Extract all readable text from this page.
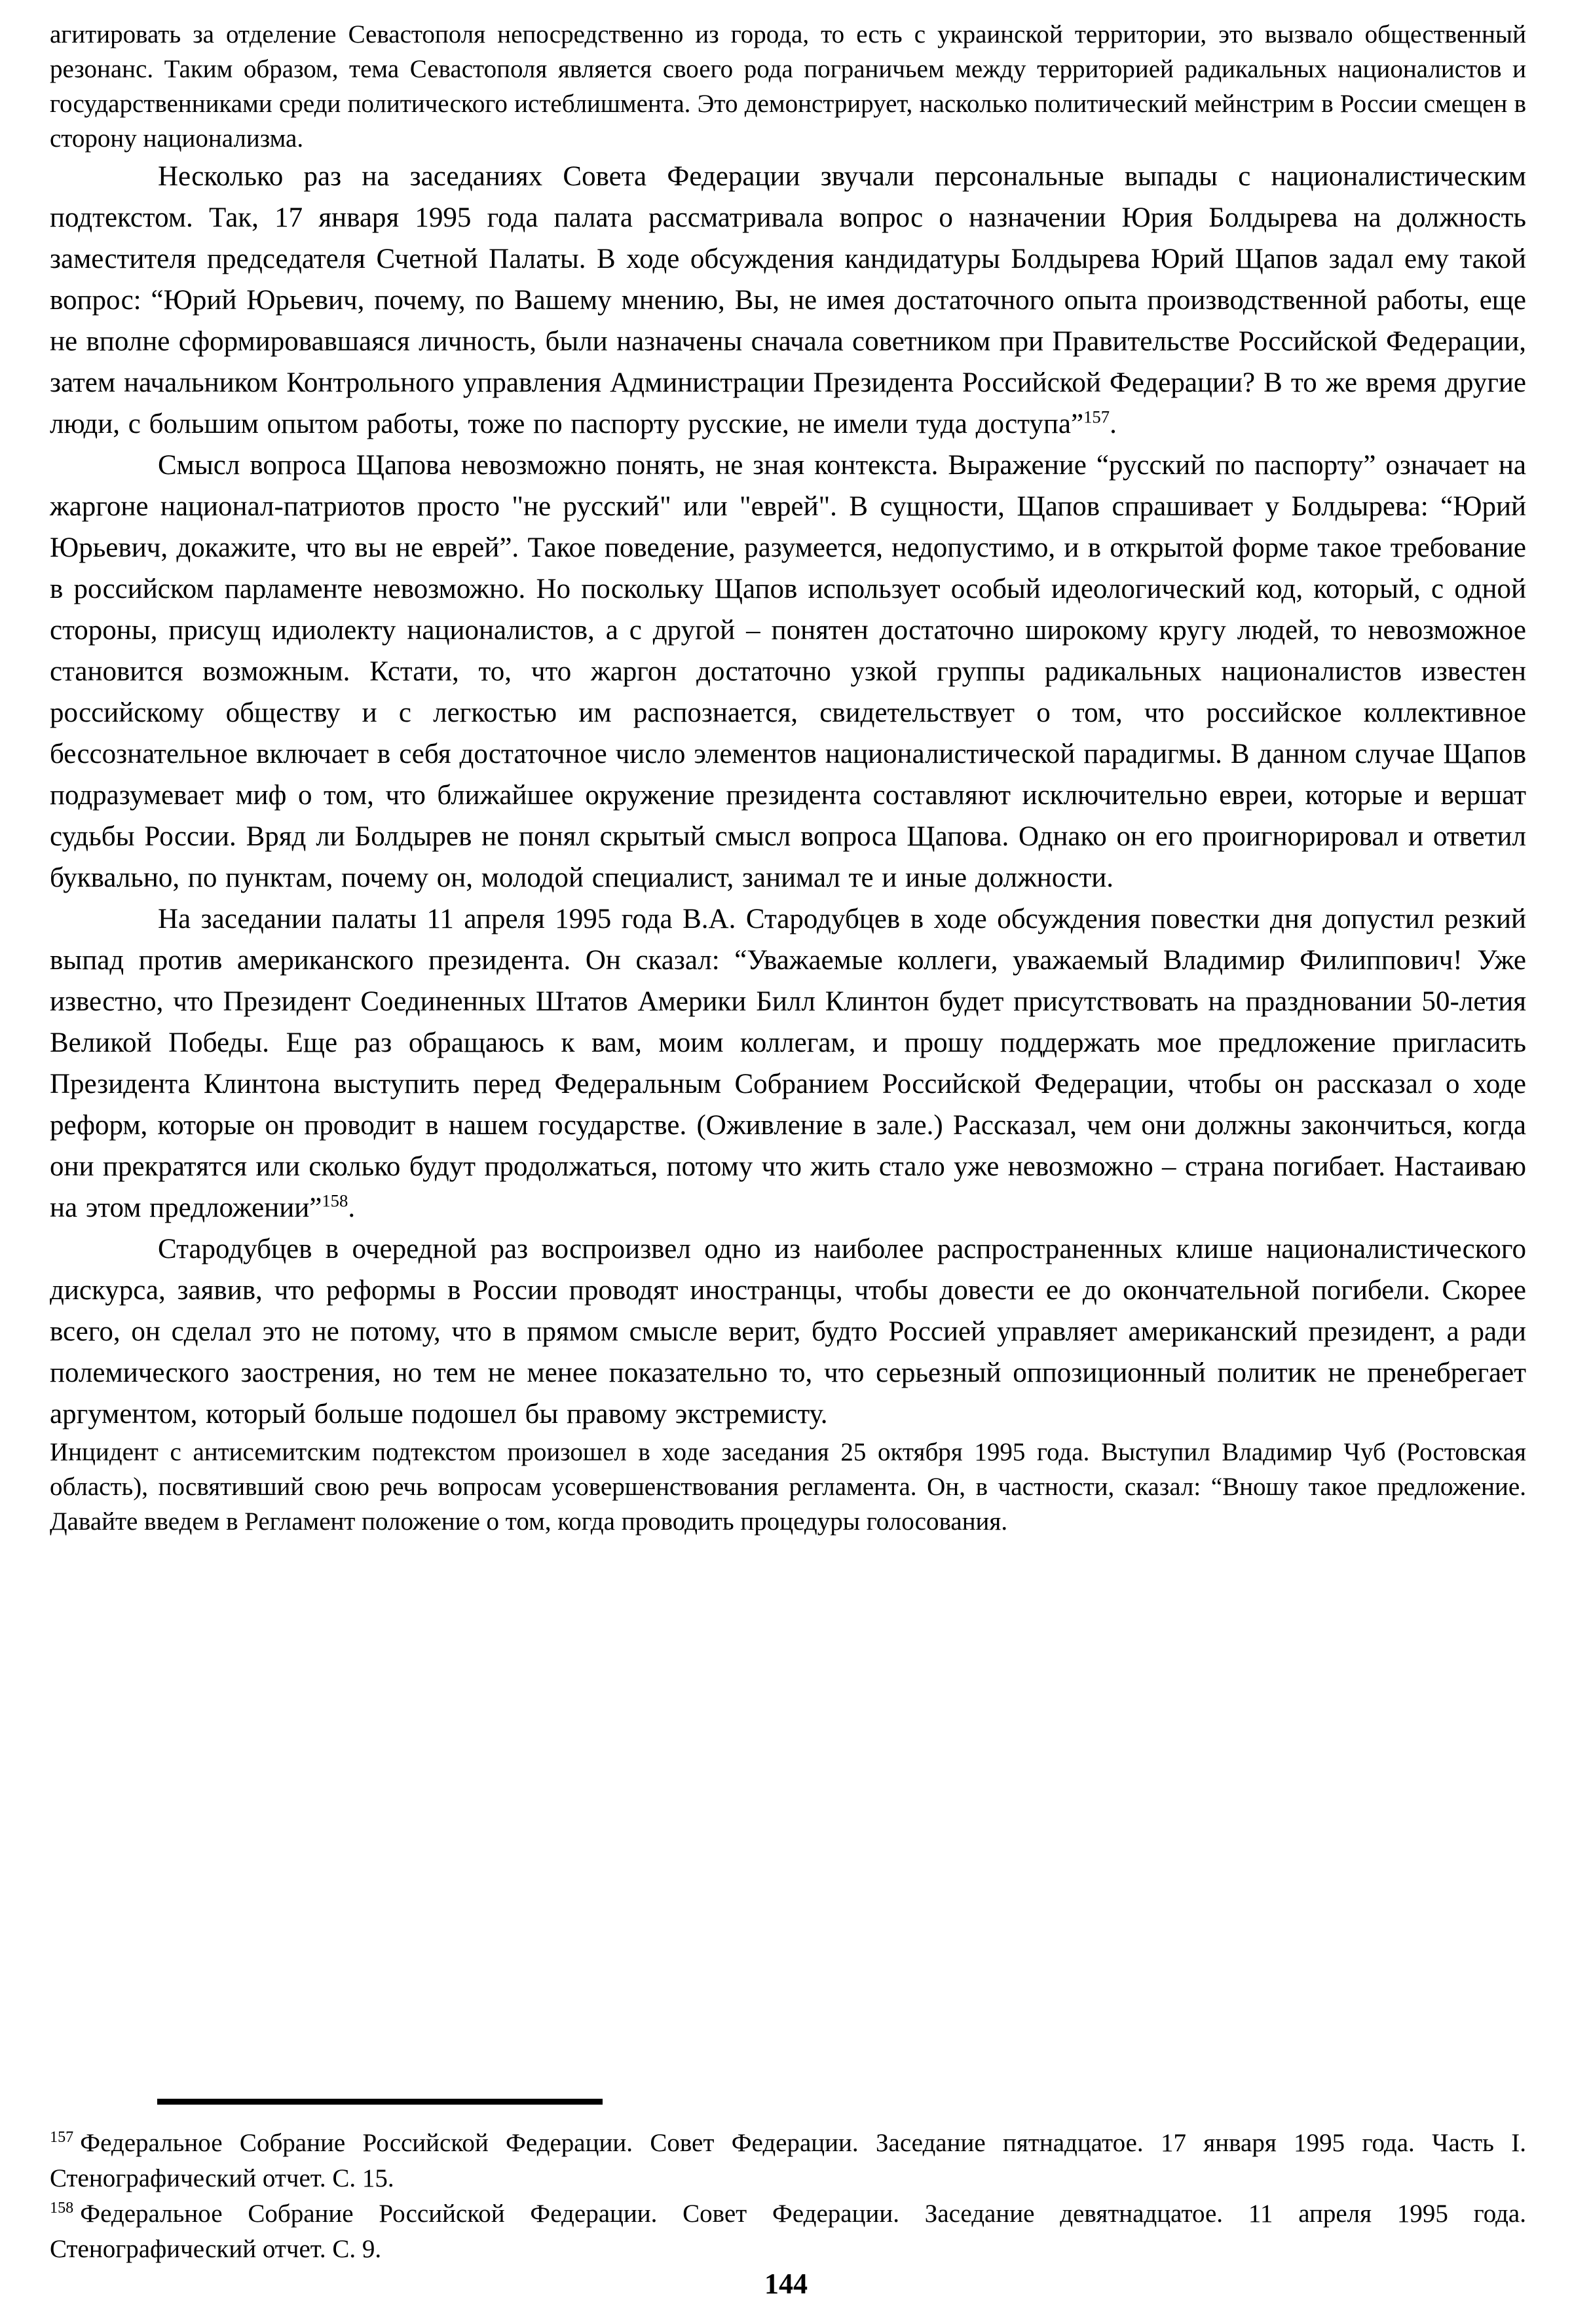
агитировать за отделение Севастополя непосредственно из города, то есть с украинской территории, это вызвало общественный резонанс. Таким образом, тема Севастополя является своего рода пограничьем между территорией радикальных националистов и государственниками среди политического истеблишмента. Это демонстрирует, насколько политический мейнстрим в России смещен в сторону национализма.

Несколько раз на заседаниях Совета Федерации звучали персональные выпады с националистическим подтекстом. Так, 17 января 1995 года палата рассматривала вопрос о назначении Юрия Болдырева на должность заместителя председателя Счетной Палаты. В ходе обсуждения кандидатуры Болдырева Юрий Щапов задал ему такой вопрос: “Юрий Юрьевич, почему, по Вашему мнению, Вы, не имея достаточного опыта производственной работы, еще не вполне сформировавшаяся личность, были назначены сначала советником при Правительстве Российской Федерации, затем начальником Контрольного управления Администрации Президента Российской Федерации? В то же время другие люди, с большим опытом работы, тоже по паспорту русские, не имели туда доступа”$^{157}$.

Смысл вопроса Щапова невозможно понять, не зная контекста. Выражение “русский по паспорту” означает на жаргоне национал-патриотов просто "не русский" или "еврей". В сущности, Щапов спрашивает у Болдырева: “Юрий Юрьевич, докажите, что вы не еврей”. Такое поведение, разумеется, недопустимо, и в открытой форме такое требование в российском парламенте невозможно. Но поскольку Щапов использует особый идеологический код, который, с одной стороны, присущ идиолекту националистов, а с другой – понятен достаточно широкому кругу людей, то невозможное становится возможным. Кстати, то, что жаргон достаточно узкой группы радикальных националистов известен российскому обществу и с легкостью им распознается, свидетельствует о том, что российское коллективное бессознательное включает в себя достаточное число элементов националистической парадигмы. В данном случае Щапов подразумевает миф о том, что ближайшее окружение президента составляют исключительно евреи, которые и вершат судьбы России. Вряд ли Болдырев не понял скрытый смысл вопроса Щапова. Однако он его проигнорировал и ответил буквально, по пунктам, почему он, молодой специалист, занимал те и иные должности.

На заседании палаты 11 апреля 1995 года В.А. Стародубцев в ходе обсуждения повестки дня допустил резкий выпад против американского президента. Он сказал: “Уважаемые коллеги, уважаемый Владимир Филиппович! Уже известно, что Президент Соединенных Штатов Америки Билл Клинтон будет присутствовать на праздновании 50-летия Великой Победы. Еще раз обращаюсь к вам, моим коллегам, и прошу поддержать мое предложение пригласить Президента Клинтона выступить перед Федеральным Собранием Российской Федерации, чтобы он рассказал о ходе реформ, которые он проводит в нашем государстве. (Оживление в зале.) Рассказал, чем они должны закончиться, когда они прекратятся или сколько будут продолжаться, потому что жить стало уже невозможно – страна погибает. Настаиваю на этом предложении”$^{158}$.

Стародубцев в очередной раз воспроизвел одно из наиболее распространенных клише националистического дискурса, заявив, что реформы в России проводят иностранцы, чтобы довести ее до окончательной погибели. Скорее всего, он сделал это не потому, что в прямом смысле верит, будто Россией управляет американский президент, а ради полемического заострения, но тем не менее показательно то, что серьезный оппозиционный политик не пренебрегает аргументом, который больше подошел бы правому экстремисту.

Инцидент с антисемитским подтекстом произошел в ходе заседания 25 октября 1995 года. Выступил Владимир Чуб (Ростовская область), посвятивший свою речь вопросам усовершенствования регламента. Он, в частности, сказал: “Вношу такое предложение. Давайте введем в Регламент положение о том, когда проводить процедуры голосования.

$^{157}$ Федеральное Собрание Российской Федерации. Совет Федерации. Заседание пятнадцатое. 17 января 1995 года. Часть I. Стенографический отчет. С. 15.

$^{158}$ Федеральное Собрание Российской Федерации. Совет Федерации. Заседание девятнадцатое. 11 апреля 1995 года. Стенографический отчет. С. 9.

144
